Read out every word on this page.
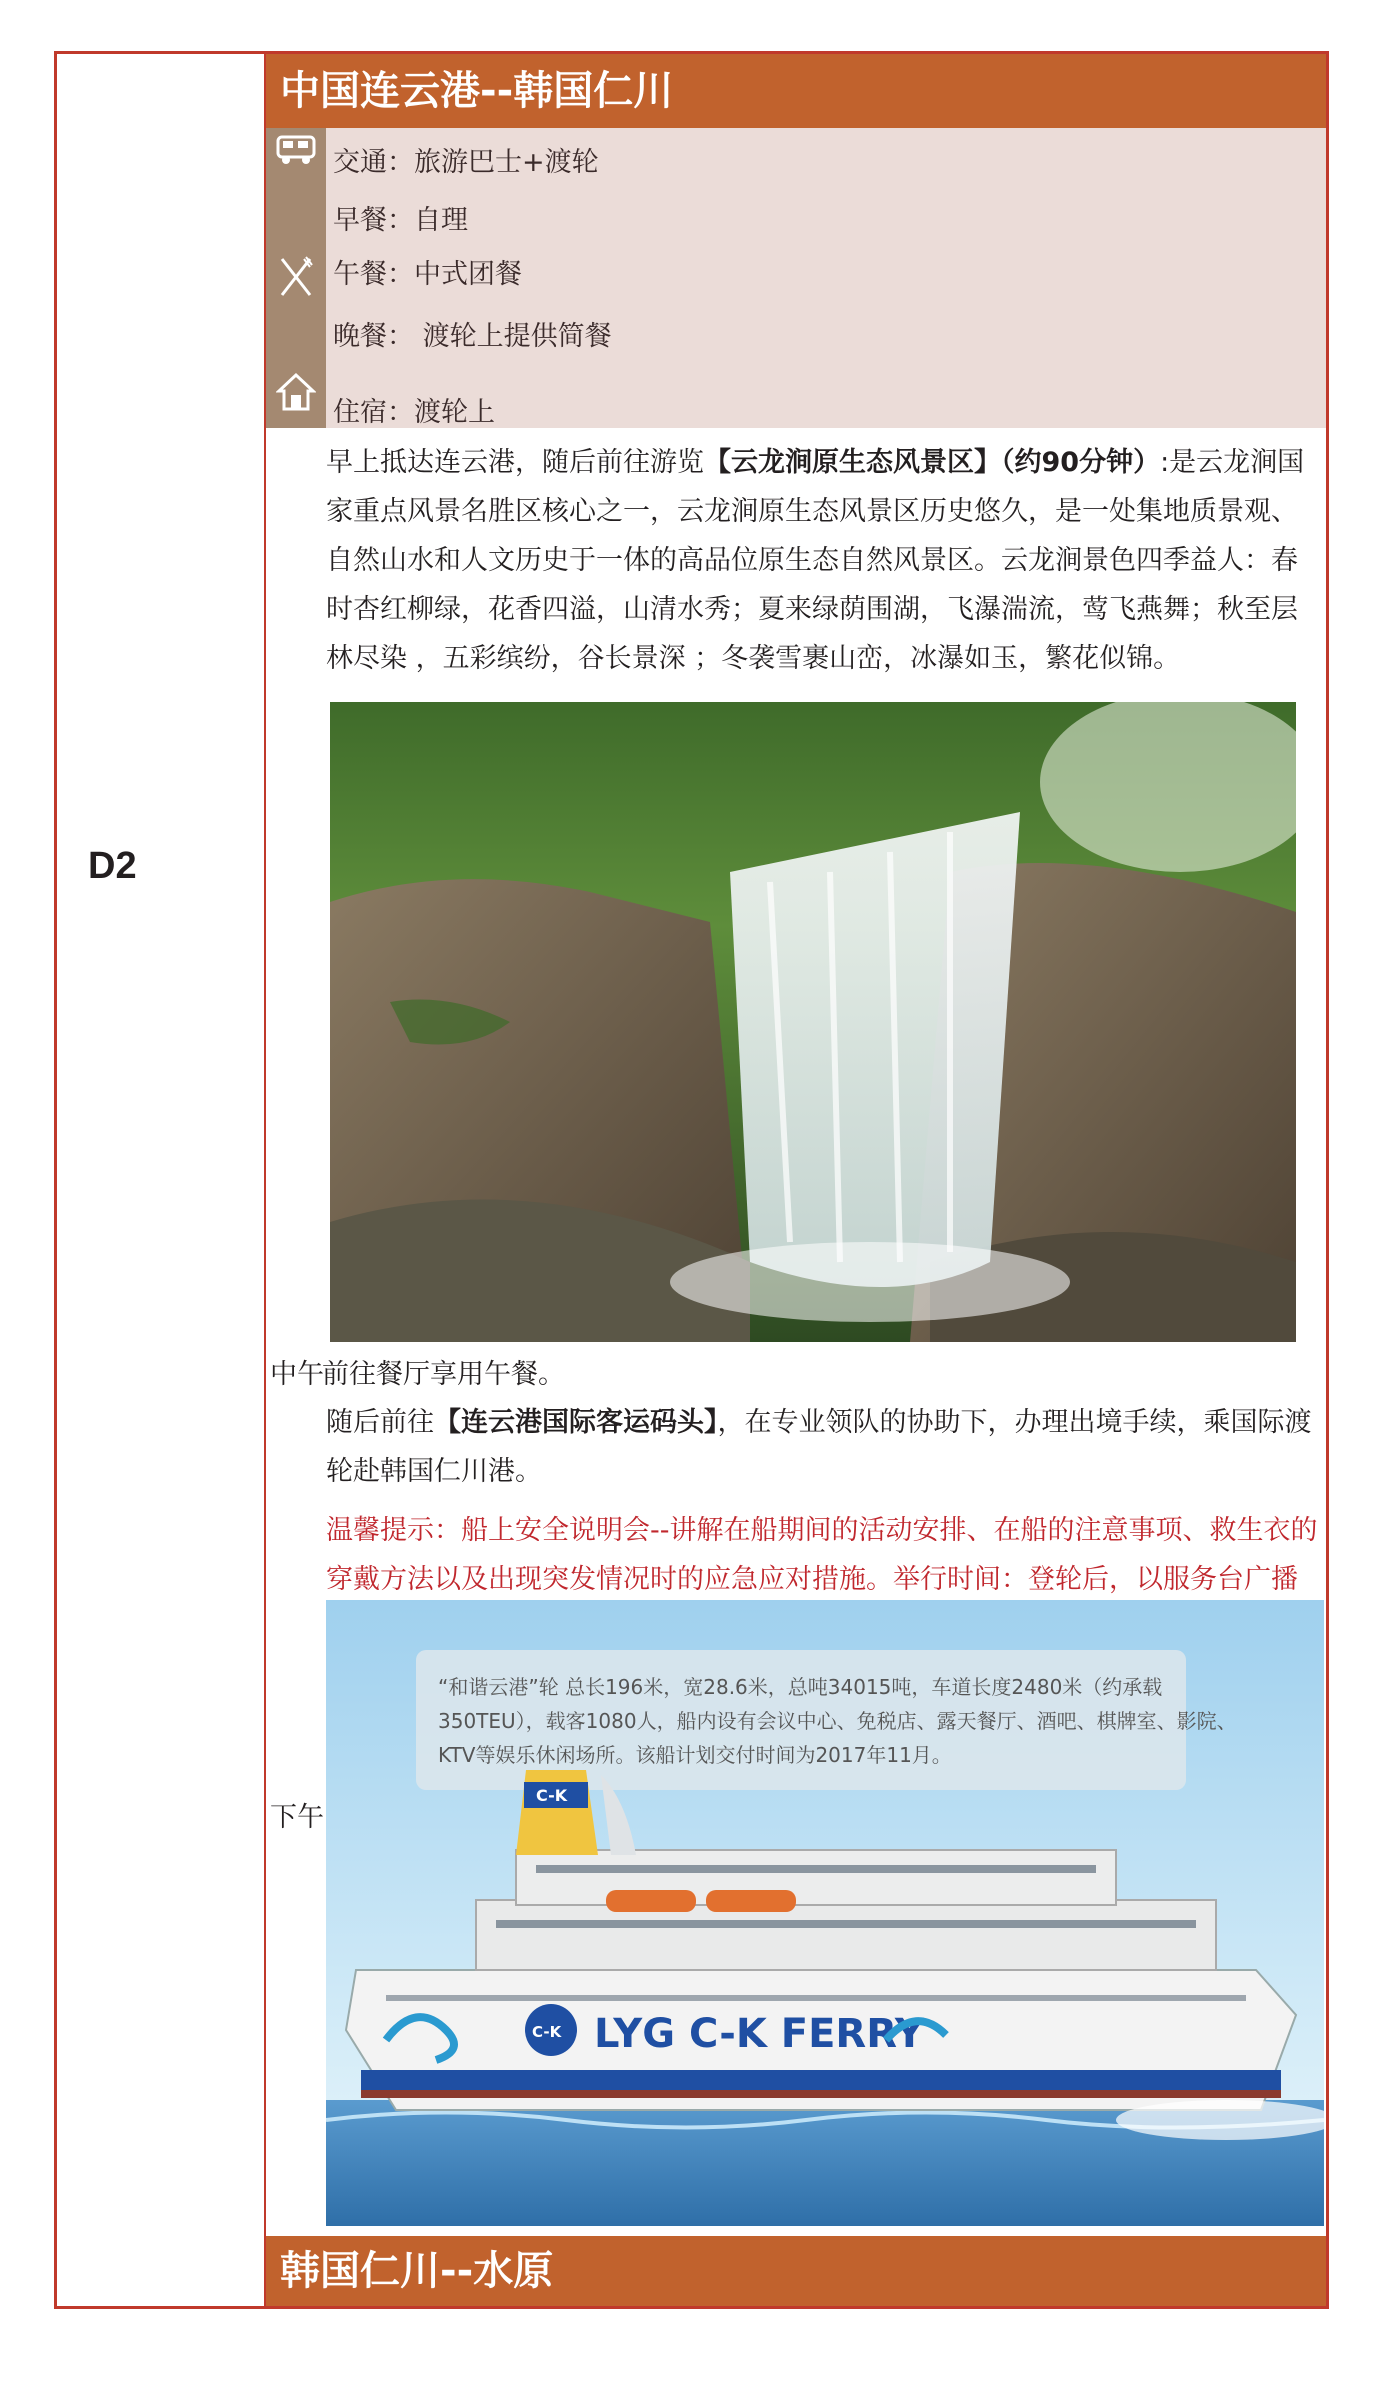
D2
中国连云港--韩国仁川
交通：旅游巴士+渡轮
早餐：自理
午餐：中式团餐
晚餐： 渡轮上提供简餐
住宿：渡轮上
早上抵达连云港，随后前往游览【云龙涧原生态风景区】（约90分钟）:是云龙涧国家重点风景名胜区核心之一，云龙涧原生态风景区历史悠久，是一处集地质景观、自然山水和人文历史于一体的高品位原生态自然风景区。云龙涧景色四季益人：春时杏红柳绿，花香四溢，山清水秀；夏来绿荫围湖，飞瀑湍流，莺飞燕舞；秋至层林尽染 ，五彩缤纷，谷长景深 ；冬袭雪裹山峦，冰瀑如玉，繁花似锦。
中午
前往餐厅享用午餐。
随后前往【连云港国际客运码头】，在专业领队的协助下，办理出境手续，乘国际渡轮赴韩国仁川港。
温馨提示：船上安全说明会--讲解在船期间的活动安排、在船的注意事项、救生衣的穿戴方法以及出现突发情况时的应急应对措施。举行时间：登轮后，以服务台广播
下午
“和谐云港”轮 总长196米，宽28.6米，总吨34015吨，车道长度2480米（约承载
350TEU），载客1080人，船内设有会议中心、免税店、露天餐厅、酒吧、棋牌室、影院、
KTV等娱乐休闲场所。该船计划交付时间为2017年11月。
C-K
C-K LYG C-K FERRY
韩国仁川--水原
